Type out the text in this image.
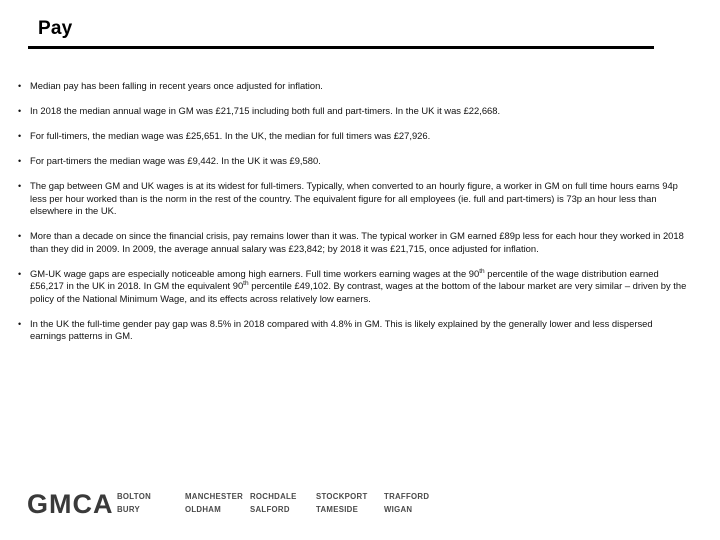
Pay
• Median pay has been falling in recent years once adjusted for inflation.
• In 2018 the median annual wage in GM was £21,715 including both full and part-timers. In the UK it was £22,668.
• For full-timers, the median wage was £25,651. In the UK, the median for full timers was £27,926.
• For part-timers the median wage was £9,442. In the UK it was £9,580.
• The gap between GM and UK wages is at its widest for full-timers. Typically, when converted to an hourly figure, a worker in GM on full time hours earns 94p less per hour worked than is the norm in the rest of the country. The equivalent figure for all employees (ie. full and part-timers) is 73p an hour less than elsewhere in the UK.
• More than a decade on since the financial crisis, pay remains lower than it was. The typical worker in GM earned £89p less for each hour they worked in 2018 than they did in 2009. In 2009, the average annual salary was £23,842; by 2018 it was £21,715, once adjusted for inflation.
• GM-UK wage gaps are especially noticeable among high earners. Full time workers earning wages at the 90th percentile of the wage distribution earned £56,217 in the UK in 2018. In GM the equivalent 90th percentile £49,102. By contrast, wages at the bottom of the labour market are very similar – driven by the policy of the National Minimum Wage, and its effects across relatively low earners.
• In the UK the full-time gender pay gap was 8.5% in 2018 compared with 4.8% in GM. This is likely explained by the generally lower and less dispersed earnings patterns in GM.
GMCA BOLTON
BURY
MANCHESTER
OLDHAM
ROCHDALE
SALFORD
STOCKPORT
TAMESIDE
TRAFFORD
WIGAN
